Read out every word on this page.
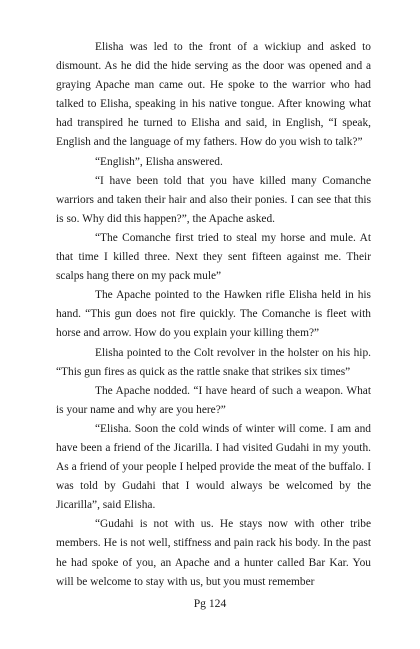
Elisha was led to the front of a wickiup and asked to dismount. As he did the hide serving as the door was opened and a graying Apache man came out. He spoke to the warrior who had talked to Elisha, speaking in his native tongue. After knowing what had transpired he turned to Elisha and said, in English, “I speak, English and the language of my fathers. How do you wish to talk?”

“English”, Elisha answered.

“I have been told that you have killed many Comanche warriors and taken their hair and also their ponies. I can see that this is so. Why did this happen?”, the Apache asked.

“The Comanche first tried to steal my horse and mule. At that time I killed three. Next they sent fifteen against me. Their scalps hang there on my pack mule”

The Apache pointed to the Hawken rifle Elisha held in his hand. “This gun does not fire quickly. The Comanche is fleet with horse and arrow. How do you explain your killing them?”

Elisha pointed to the Colt revolver in the holster on his hip. “This gun fires as quick as the rattle snake that strikes six times”

The Apache nodded. “I have heard of such a weapon. What is your name and why are you here?”

“Elisha. Soon the cold winds of winter will come. I am and have been a friend of the Jicarilla. I had visited Gudahi in my youth. As a friend of your people I helped provide the meat of the buffalo. I was told by Gudahi that I would always be welcomed by the Jicarilla”, said Elisha.

“Gudahi is not with us. He stays now with other tribe members. He is not well, stiffness and pain rack his body. In the past he had spoke of you, an Apache and a hunter called Bar Kar. You will be welcome to stay with us, but you must remember

Pg 124
